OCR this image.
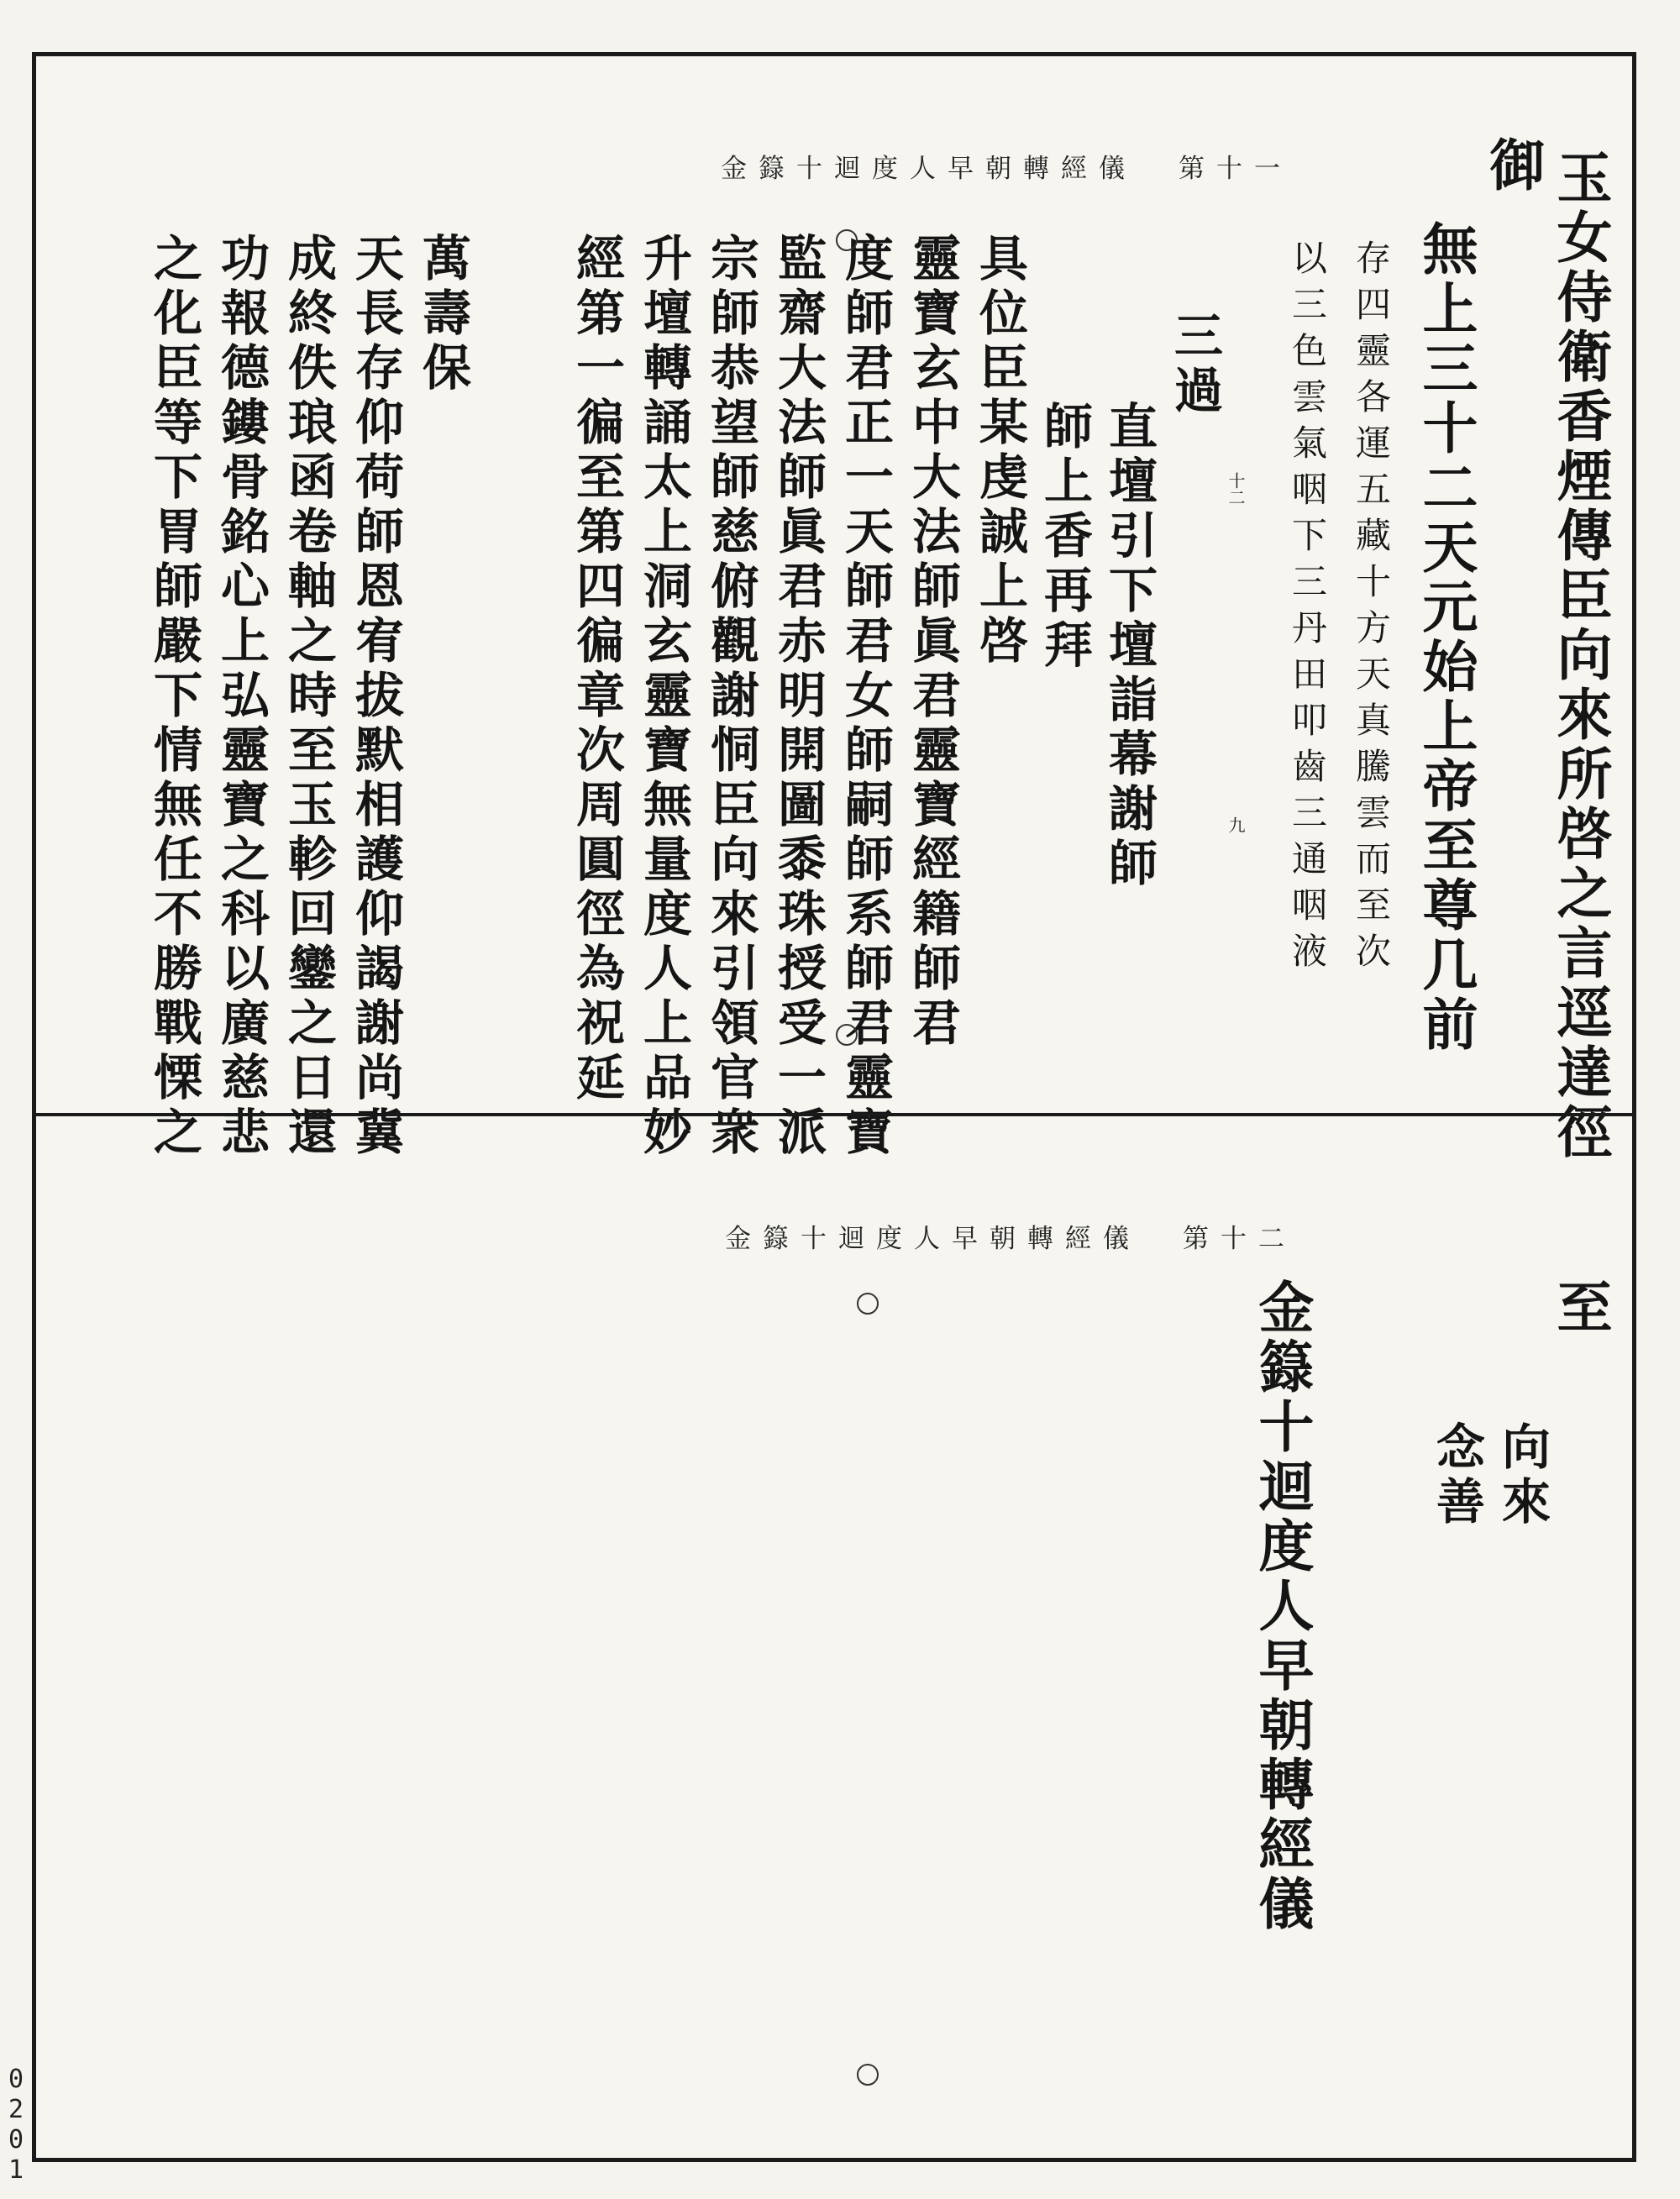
金籙十迴度人早朝轉經儀 第十一	玉女侍衛香煙傳臣向來所啓之言逕達徑
御
無上三十二天元始上帝至尊几前
存四靈各運五藏十方天真騰雲而至次
以三色雲氣咽下三丹田叩齒三通咽液
十二
九
三過
直壇引下壇詣幕謝師
師上香再拜
具位臣某虔誠上啓
靈寶玄中大法師眞君靈寶經籍師君
度師君正一天師君女師嗣師系師君靈寶
監齋大法師眞君赤明開圖黍珠授受一派
宗師恭望師慈俯觀謝恫臣向來引領官衆
升壇轉誦太上洞玄靈寶無量度人上品妙
經第一徧至第四徧章次周圓徑為祝延
萬壽保
天長存仰荷師恩宥拔默相護仰謁謝尚冀
成終佚琅函卷軸之時至玉軫回鑾之日還
功報德鏤骨銘心上弘靈寶之科以廣慈悲
之化臣等下胃師嚴下情無任不勝戰慄之
金籙十迴度人早朝轉經儀 第十二
至
向來
念善
金籙十迴度人早朝轉經儀
0
2
0
1
